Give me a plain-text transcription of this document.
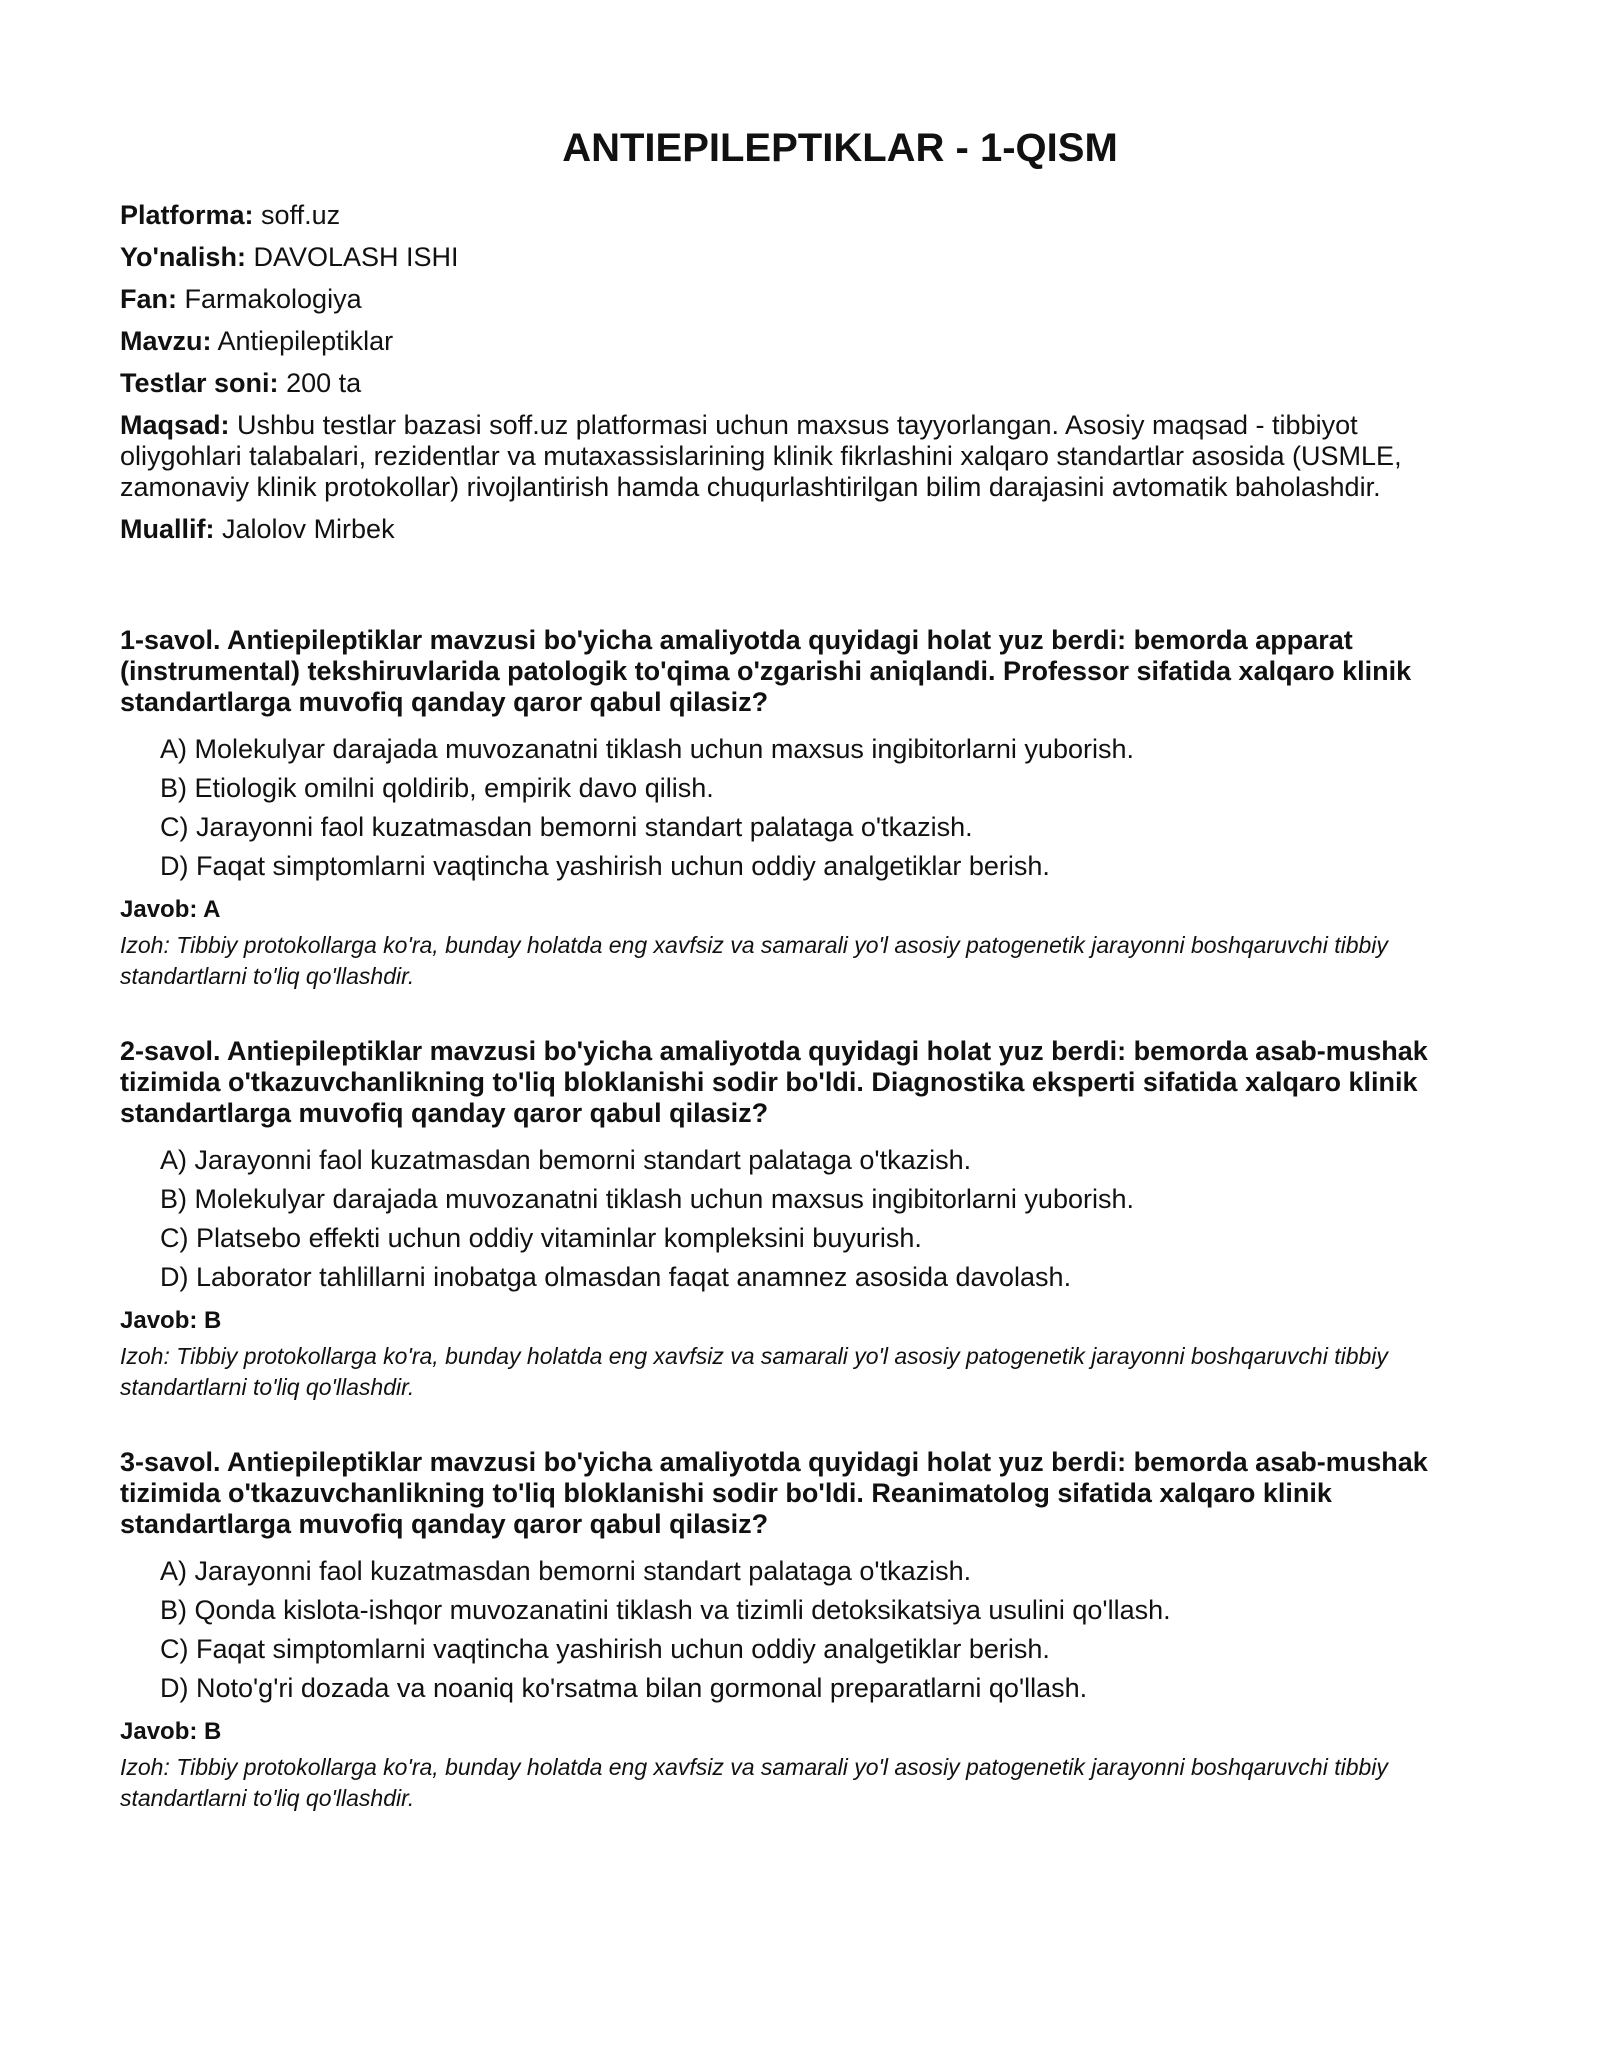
ANTIEPILEPTIKLAR - 1-QISM
Platforma: soff.uz
Yo'nalish: DAVOLASH ISHI
Fan: Farmakologiya
Mavzu: Antiepileptiklar
Testlar soni: 200 ta
Maqsad: Ushbu testlar bazasi soff.uz platformasi uchun maxsus tayyorlangan. Asosiy maqsad - tibbiyot oliygohlari talabalari, rezidentlar va mutaxassislarining klinik fikrlashini xalqaro standartlar asosida (USMLE, zamonaviy klinik protokollar) rivojlantirish hamda chuqurlashtirilgan bilim darajasini avtomatik baholashdir.
Muallif: Jalolov Mirbek

1-savol. Antiepileptiklar mavzusi bo'yicha amaliyotda quyidagi holat yuz berdi: bemorda apparat (instrumental) tekshiruvlarida patologik to'qima o'zgarishi aniqlandi. Professor sifatida xalqaro klinik standartlarga muvofiq qanday qaror qabul qilasiz?

A) Molekulyar darajada muvozanatni tiklash uchun maxsus ingibitorlarni yuborish.
B) Etiologik omilni qoldirib, empirik davo qilish.
C) Jarayonni faol kuzatmasdan bemorni standart palataga o'tkazish.
D) Faqat simptomlarni vaqtincha yashirish uchun oddiy analgetiklar berish.
Javob: A
Izoh: Tibbiy protokollarga ko'ra, bunday holatda eng xavfsiz va samarali yo'l asosiy patogenetik jarayonni boshqaruvchi tibbiy standartlarni to'liq qo'llashdir.

2-savol. Antiepileptiklar mavzusi bo'yicha amaliyotda quyidagi holat yuz berdi: bemorda asab-mushak tizimida o'tkazuvchanlikning to'liq bloklanishi sodir bo'ldi. Diagnostika eksperti sifatida xalqaro klinik standartlarga muvofiq qanday qaror qabul qilasiz?

A) Jarayonni faol kuzatmasdan bemorni standart palataga o'tkazish.
B) Molekulyar darajada muvozanatni tiklash uchun maxsus ingibitorlarni yuborish.
C) Platsebo effekti uchun oddiy vitaminlar kompleksini buyurish.
D) Laborator tahlillarni inobatga olmasdan faqat anamnez asosida davolash.
Javob: B
Izoh: Tibbiy protokollarga ko'ra, bunday holatda eng xavfsiz va samarali yo'l asosiy patogenetik jarayonni boshqaruvchi tibbiy standartlarni to'liq qo'llashdir.

3-savol. Antiepileptiklar mavzusi bo'yicha amaliyotda quyidagi holat yuz berdi: bemorda asab-mushak tizimida o'tkazuvchanlikning to'liq bloklanishi sodir bo'ldi. Reanimatolog sifatida xalqaro klinik standartlarga muvofiq qanday qaror qabul qilasiz?

A) Jarayonni faol kuzatmasdan bemorni standart palataga o'tkazish.
B) Qonda kislota-ishqor muvozanatini tiklash va tizimli detoksikatsiya usulini qo'llash.
C) Faqat simptomlarni vaqtincha yashirish uchun oddiy analgetiklar berish.
D) Noto'g'ri dozada va noaniq ko'rsatma bilan gormonal preparatlarni qo'llash.
Javob: B
Izoh: Tibbiy protokollarga ko'ra, bunday holatda eng xavfsiz va samarali yo'l asosiy patogenetik jarayonni boshqaruvchi tibbiy standartlarni to'liq qo'llashdir.
